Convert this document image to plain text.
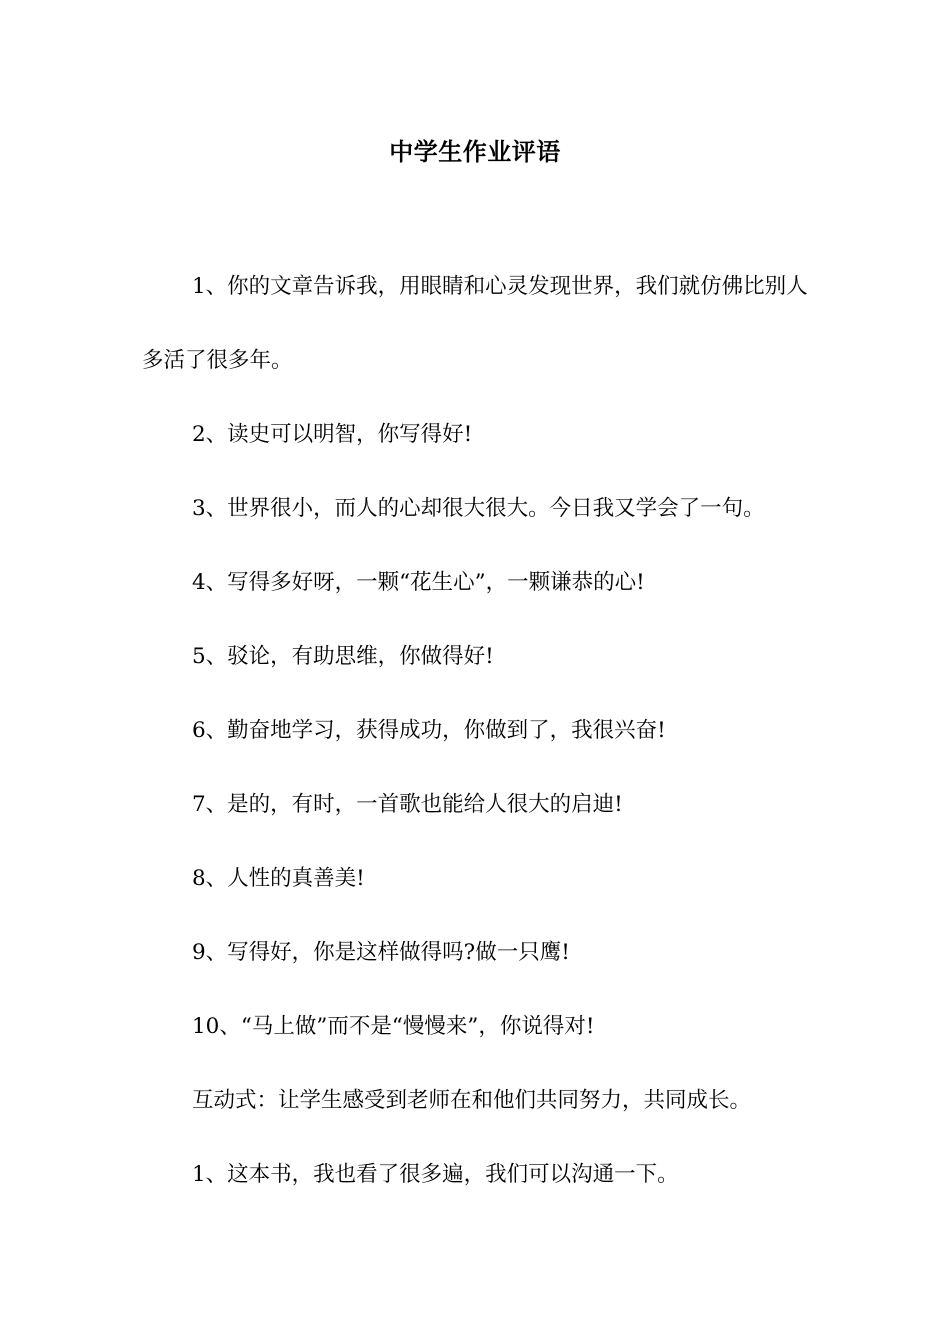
中学生作业评语

1、你的文章告诉我，用眼睛和心灵发现世界，我们就仿佛比别人多活了很多年。

2、读史可以明智，你写得好!

3、世界很小，而人的心却很大很大。今日我又学会了一句。

4、写得多好呀，一颗“花生心”，一颗谦恭的心!

5、驳论，有助思维，你做得好!

6、勤奋地学习，获得成功，你做到了，我很兴奋!

7、是的，有时，一首歌也能给人很大的启迪!

8、人性的真善美!

9、写得好，你是这样做得吗?做一只鹰!

10、“马上做”而不是“慢慢来”，你说得对!

互动式：让学生感受到老师在和他们共同努力，共同成长。

1、这本书，我也看了很多遍，我们可以沟通一下。
